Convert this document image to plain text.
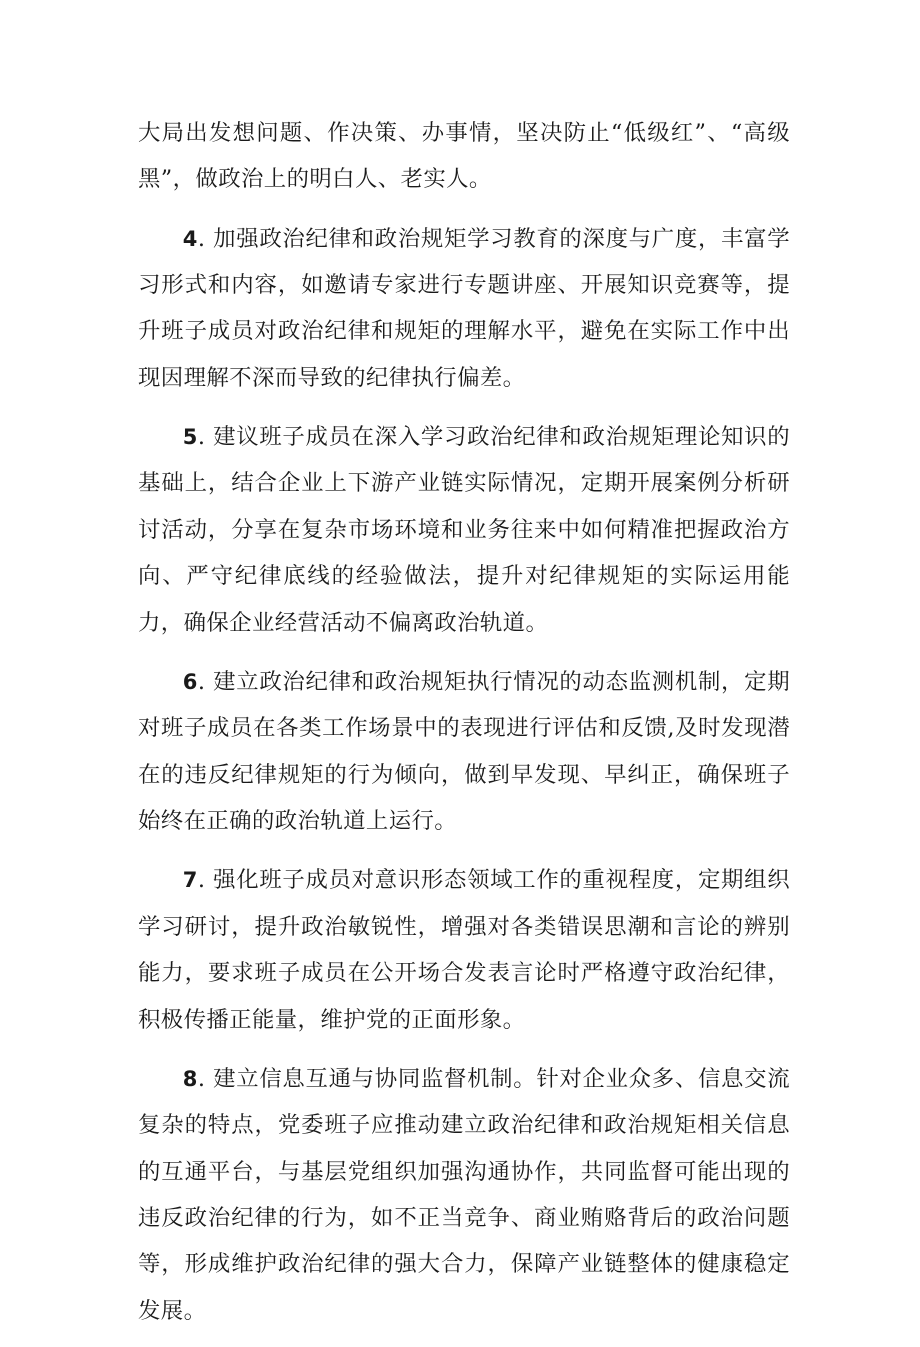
大局出发想问题、作决策、办事情，坚决防止“低级红”、“高级黑”，做政治上的明白人、老实人。

4. 加强政治纪律和政治规矩学习教育的深度与广度，丰富学习形式和内容，如邀请专家进行专题讲座、开展知识竞赛等，提升班子成员对政治纪律和规矩的理解水平，避免在实际工作中出现因理解不深而导致的纪律执行偏差。

5. 建议班子成员在深入学习政治纪律和政治规矩理论知识的基础上，结合企业上下游产业链实际情况，定期开展案例分析研讨活动，分享在复杂市场环境和业务往来中如何精准把握政治方向、严守纪律底线的经验做法，提升对纪律规矩的实际运用能力，确保企业经营活动不偏离政治轨道。

6. 建立政治纪律和政治规矩执行情况的动态监测机制，定期对班子成员在各类工作场景中的表现进行评估和反馈,及时发现潜在的违反纪律规矩的行为倾向，做到早发现、早纠正，确保班子始终在正确的政治轨道上运行。

7. 强化班子成员对意识形态领域工作的重视程度，定期组织学习研讨，提升政治敏锐性，增强对各类错误思潮和言论的辨别能力，要求班子成员在公开场合发表言论时严格遵守政治纪律，积极传播正能量，维护党的正面形象。

8. 建立信息互通与协同监督机制。针对企业众多、信息交流复杂的特点，党委班子应推动建立政治纪律和政治规矩相关信息的互通平台，与基层党组织加强沟通协作，共同监督可能出现的违反政治纪律的行为，如不正当竞争、商业贿赂背后的政治问题等，形成维护政治纪律的强大合力，保障产业链整体的健康稳定发展。
